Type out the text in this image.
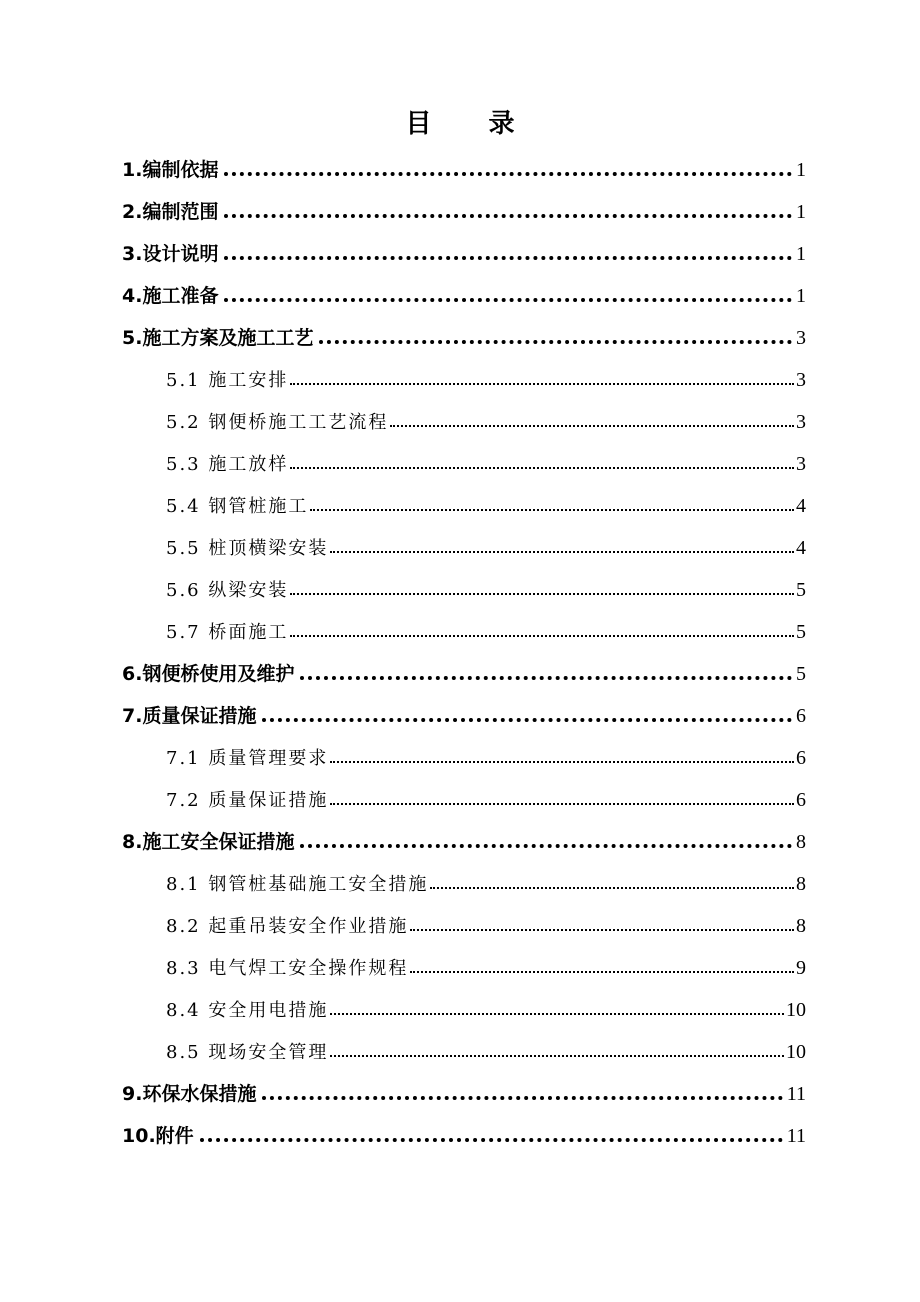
目 录
1.编制依据	1
2.编制范围	1
3.设计说明	1
4.施工准备	1
5.施工方案及施工工艺	3
5.1 施工安排	3
5.2 钢便桥施工工艺流程	3
5.3 施工放样	3
5.4 钢管桩施工	4
5.5 桩顶横梁安装	4
5.6 纵梁安装	5
5.7 桥面施工	5
6.钢便桥使用及维护	5
7.质量保证措施	6
7.1 质量管理要求	6
7.2 质量保证措施	6
8.施工安全保证措施	8
8.1 钢管桩基础施工安全措施	8
8.2 起重吊装安全作业措施	8
8.3 电气焊工安全操作规程	9
8.4 安全用电措施	10
8.5 现场安全管理	10
9.环保水保措施	11
10.附件	11
